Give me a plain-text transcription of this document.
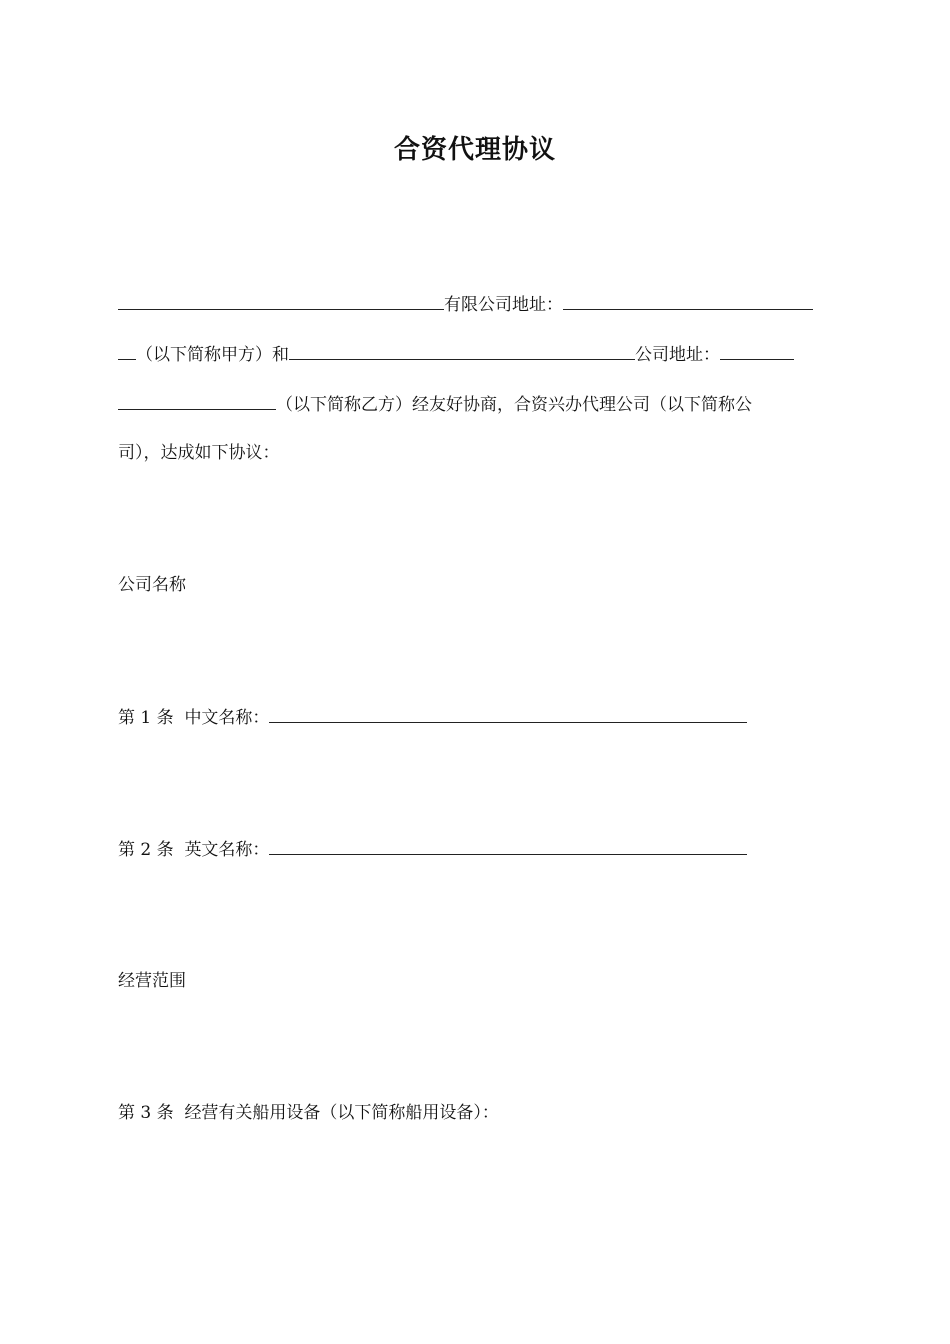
合资代理协议
有限公司地址：
（以下简称甲方）和	公司地址：
（以下简称乙方）经友好协商，合资兴办代理公司（以下简称公
司），达成如下协议：
公司名称
第 1 条 中文名称：
第 2 条 英文名称：
经营范围
第 3 条 经营有关船用设备（以下简称船用设备）：
